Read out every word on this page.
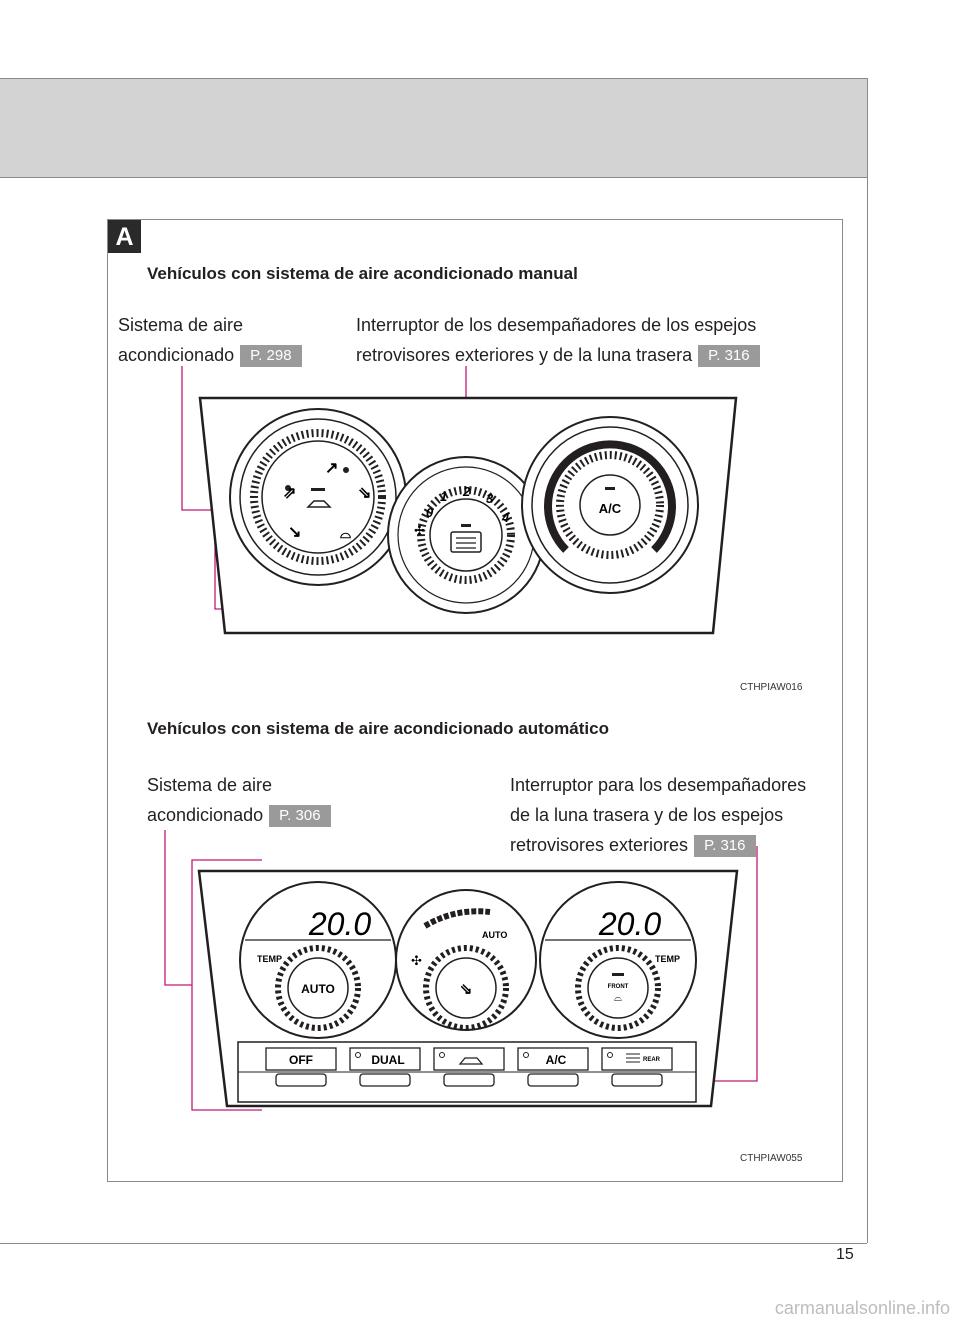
15
carmanualsonline.info
A
Vehículos con sistema de aire acondicionado manual
Sistema de aire
acondicionado P. 298
Interruptor de los desempañadores de los espejos
retrovisores exteriores y de la luna trasera P. 316
CTHPIAW016
Vehículos con sistema de aire acondicionado automático
Sistema de aire
acondicionado P. 306
Interruptor para los desempañadores
de la luna trasera y de los espejos
retrovisores exteriores P. 316
CTHPIAW055
↗
⇗	⇘
↘	⌓
0
1 2 3
4
✣
A/C
20.0
TEMP
AUTO
AUTO
✣
⇘
20.0
TEMP
FRONT
⌓
OFF	DUAL	A/C	REAR
